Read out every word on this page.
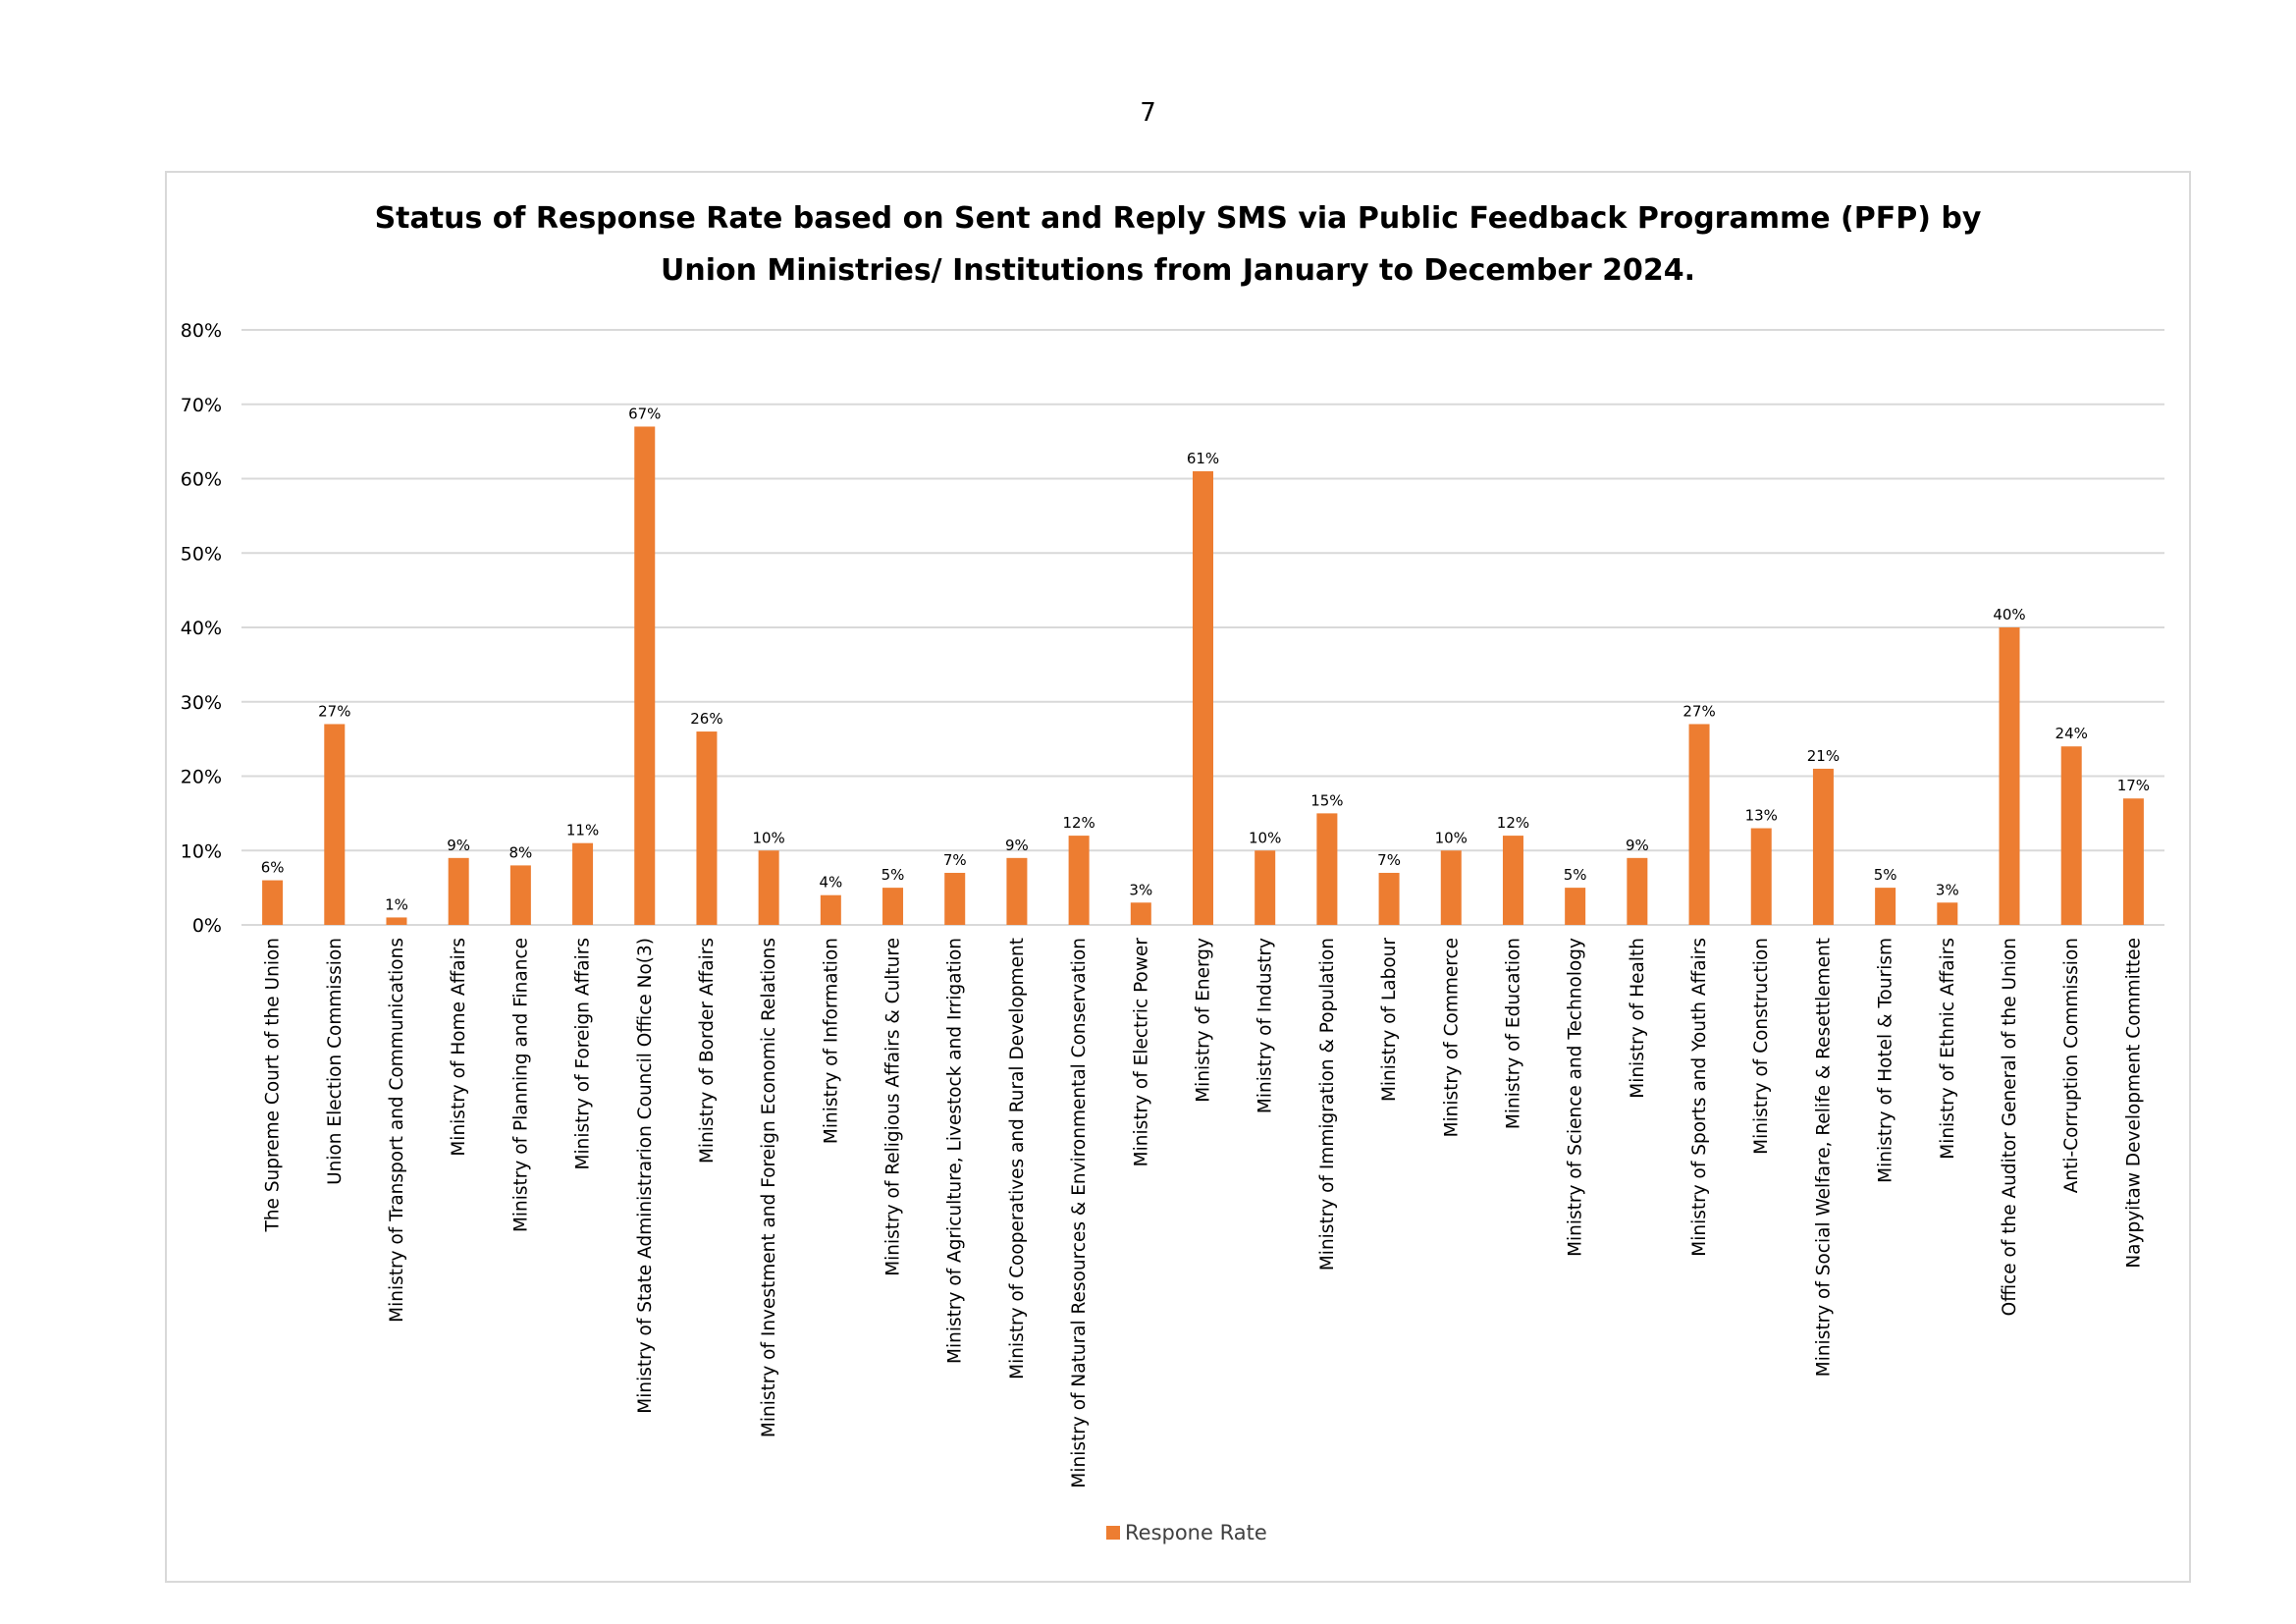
7
Status of Response Rate based on Sent and Reply SMS via Public Feedback Programme (PFP) by
Union Ministries/ Institutions from January to December 2024.
0%
10%
20%
30%
40%
50%
60%
70%
80%
6%
27%
1%
9%	8%
11%
67%
26%
10%
4%	5%
7%
9%
12%
3%
61%
10%
15%
7%
10%
12%
5%
9%
27%
13%
21%
5%
3%
40%
24%
17%
The Supreme Court of the Union Union Election Commission Ministry of Transport and Communications Ministry of Home Affairs Ministry of Planning and Finance Ministry of Foreign Affairs Ministry of State Administrarion Council Office No(3) Ministry of Border Affairs Ministry of Investment and Foreign Economic Relations Ministry of Information Ministry of Religious Affairs & Culture Ministry of Agriculture, Livestock and Irrigation Ministry of Cooperatives and Rural Development Ministry of Natural Resources & Environmental Conservation Ministry of Electric Power Ministry of Energy Ministry of Industry Ministry of Immigration & Population Ministry of Labour Ministry of Commerce Ministry of Education Ministry of Science and Technology Ministry of Health Ministry of Sports and Youth Affairs Ministry of Construction Ministry of Social Welfare, Relife & Resettlement Ministry of Hotel & Tourism Ministry of Ethnic Affairs Office of the Auditor General of the Union Anti-Corruption Commission Naypyitaw Development Committee
Respone Rate
